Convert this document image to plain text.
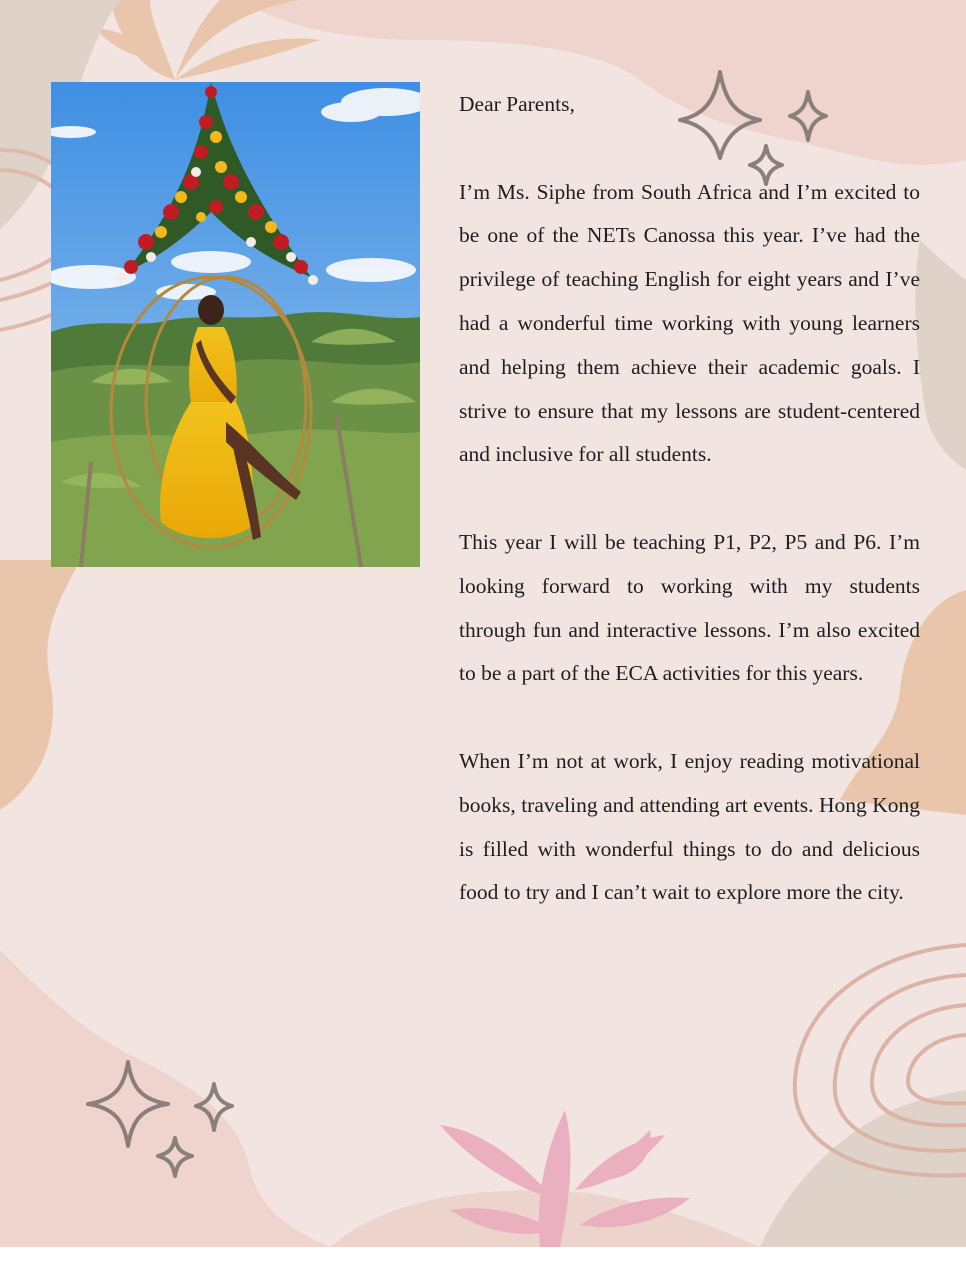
Dear Parents,

I’m Ms. Siphe from South Africa and I’m excited to be one of the NETs Canossa this year. I’ve had the privilege of teaching English for eight years and I’ve had a wonderful time working with young learners and helping them achieve their academic goals. I strive to ensure that my lessons are student-centered and inclusive for all students.

This year I will be teaching P1, P2, P5 and P6. I’m looking forward to working with my students through fun and interactive lessons. I’m also excited to be a part of the ECA activities for this years.

When I’m not at work, I enjoy reading motivational books, traveling and attending art events. Hong Kong is filled with wonderful things to do and delicious food to try and I can’t wait to explore more the city.
